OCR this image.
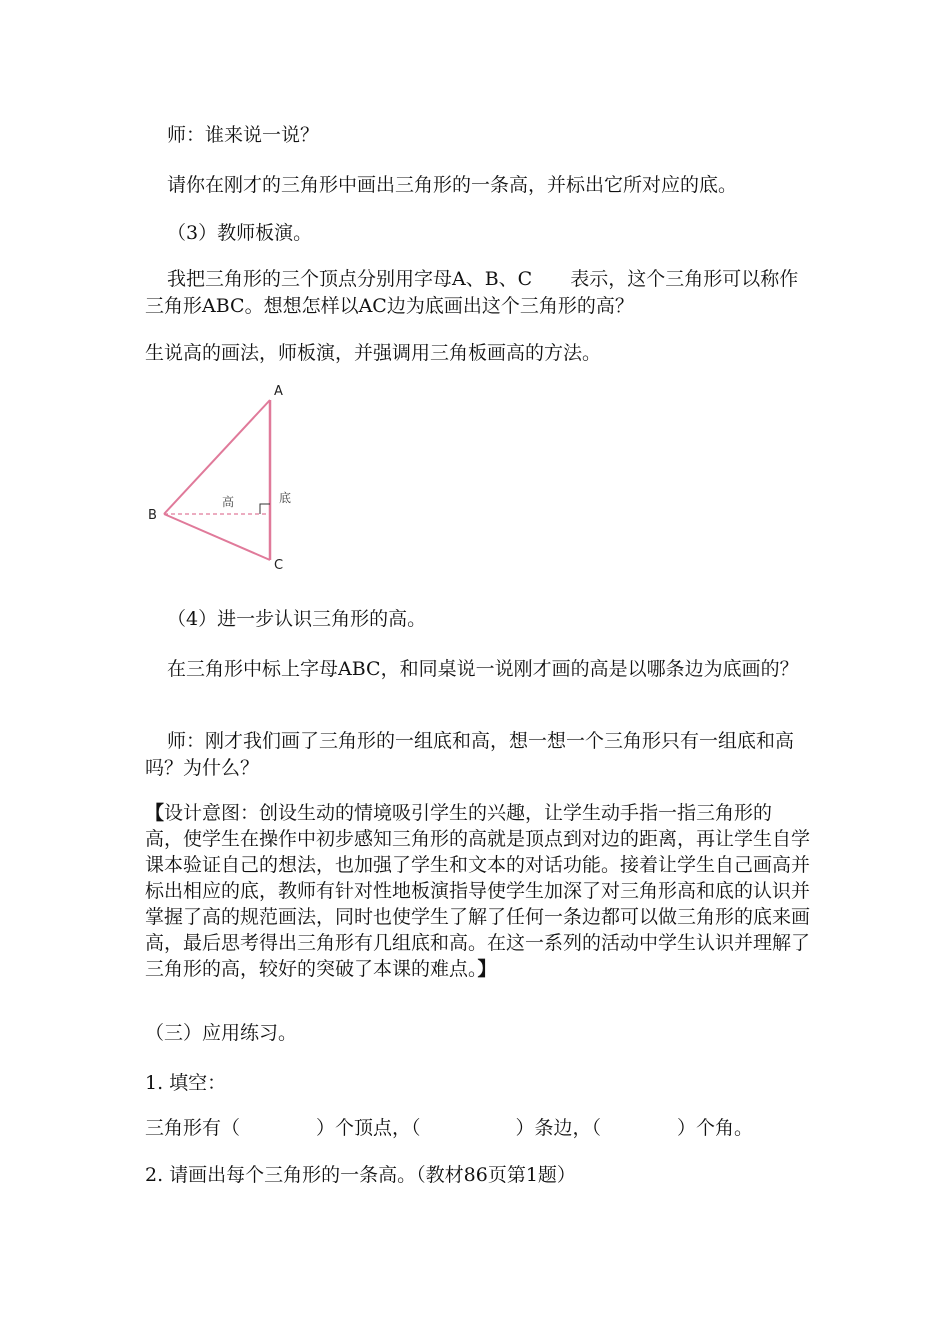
师：谁来说一说？

请你在刚才的三角形中画出三角形的一条高，并标出它所对应的底。

（3）教师板演。

我把三角形的三个顶点分别用字母A、B、C　　表示，这个三角形可以称作三角形ABC。想想怎样以AC边为底画出这个三角形的高？

生说高的画法，师板演，并强调用三角板画高的方法。

A
B
C
高	底

（4）进一步认识三角形的高。

在三角形中标上字母ABC，和同桌说一说刚才画的高是以哪条边为底画的？

师：刚才我们画了三角形的一组底和高，想一想一个三角形只有一组底和高吗？为什么？

【设计意图：创设生动的情境吸引学生的兴趣，让学生动手指一指三角形的高，使学生在操作中初步感知三角形的高就是顶点到对边的距离，再让学生自学课本验证自己的想法，也加强了学生和文本的对话功能。接着让学生自己画高并标出相应的底，教师有针对性地板演指导使学生加深了对三角形高和底的认识并掌握了高的规范画法，同时也使学生了解了任何一条边都可以做三角形的底来画高，最后思考得出三角形有几组底和高。在这一系列的活动中学生认识并理解了三角形的高，较好的突破了本课的难点。】

（三）应用练习。

1. 填空：

三角形有（　　　　）个顶点，（　　　　　）条边，（　　　　）个角。

2. 请画出每个三角形的一条高。（教材86页第1题）
